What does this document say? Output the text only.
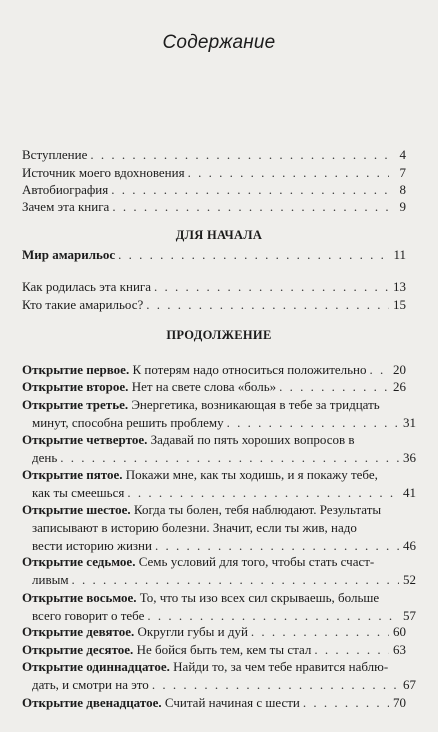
Содержание
Вступление . . .	4
Источник моего вдохновения . . .	7
Автобиография . . .	8
Зачем эта книга . . .	9
ДЛЯ НАЧАЛА
Мир амарильос . . .	11
Как родилась эта книга . . .	13
Кто такие амарильос? . . .	15
ПРОДОЛЖЕНИЕ
Открытие первое. К потерям надо относиться положительно . . . 20
Открытие второе. Нет на свете слова «боль» . . .	26
Открытие третье. Энергетика, возникающая в тебе за тридцать
минут, способна решить проблему . . .	31
Открытие четвертое. Задавай по пять хороших вопросов в
день . . .	36
Открытие пятое. Покажи мне, как ты ходишь, и я покажу тебе,
как ты смеешься . . .	41
Открытие шестое. Когда ты болен, тебя наблюдают. Результаты
записывают в историю болезни. Значит, если ты жив, надо
вести историю жизни . . .	46
Открытие седьмое. Семь условий для того, чтобы стать счаст-
ливым . . .	52
Открытие восьмое. То, что ты изо всех сил скрываешь, больше
всего говорит о тебе . . .	57
Открытие девятое. Округли губы и дуй . . .	60
Открытие десятое. Не бойся быть тем, кем ты стал . . .	63
Открытие одиннадцатое. Найди то, за чем тебе нравится наблю-
дать, и смотри на это . . .	67
Открытие двенадцатое. Считай начиная с шести . . .	70
